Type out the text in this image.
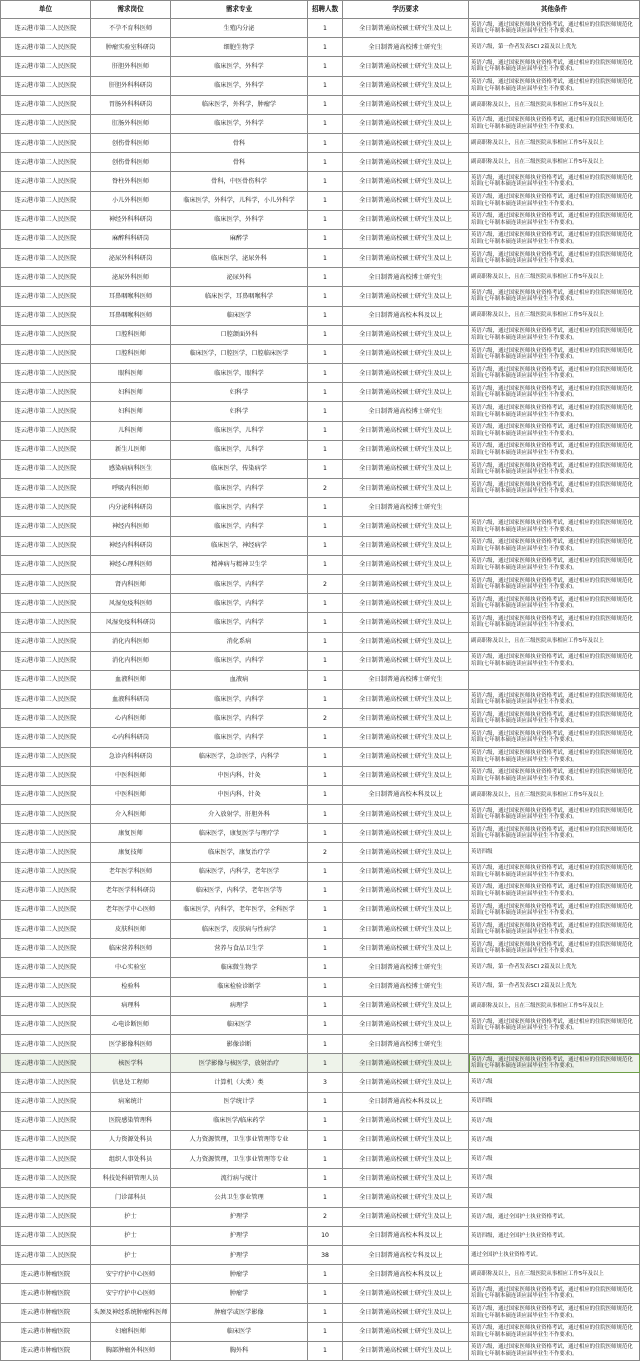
单位	需求岗位	需求专业	招聘人数	学历要求	其他条件
连云港市第二人民医院	不孕不育科医师	生殖内分泌	1	全日制普通高校硕士研究生及以上	英语六级，通过国家医师执业资格考试，通过相应的住院医师规范化培训(七年制本硕连读应届毕业生不作要求)。
连云港市第二人民医院	肿瘤实验室科研岗	细胞生物学	1	全日制普通高校博士研究生	英语六级，第一作者发表SCI 2篇及以上优先
连云港市第二人民医院	肝胆外科医师	临床医学，外科学	1	全日制普通高校硕士研究生及以上	英语六级，通过国家医师执业资格考试，通过相应的住院医师规范化培训(七年制本硕连读应届毕业生不作要求)。
连云港市第二人民医院	肝胆外科科研岗	临床医学，外科学	1	全日制普通高校硕士研究生及以上	英语六级，通过国家医师执业资格考试，通过相应的住院医师规范化培训(七年制本硕连读应届毕业生不作要求)。
连云港市第二人民医院	胃肠外科科研岗	临床医学，外科学，肿瘤学	1	全日制普通高校硕士研究生及以上	副高职称及以上，且在三级医院从事相应工作5年及以上
连云港市第二人民医院	肛肠外科医师	临床医学，外科学	1	全日制普通高校硕士研究生及以上	英语六级，通过国家医师执业资格考试，通过相应的住院医师规范化培训(七年制本硕连读应届毕业生不作要求)。
连云港市第二人民医院	创伤骨科医师	骨科	1	全日制普通高校硕士研究生及以上	副高职称及以上，且在三级医院从事相应工作5年及以上
连云港市第二人民医院	创伤骨科医师	骨科	1	全日制普通高校硕士研究生及以上	副高职称及以上，且在三级医院从事相应工作5年及以上
连云港市第二人民医院	脊柱外科医师	骨科，中医骨伤科学	1	全日制普通高校硕士研究生及以上	英语六级，通过国家医师执业资格考试，通过相应的住院医师规范化培训(七年制本硕连读应届毕业生不作要求)。
连云港市第二人民医院	小儿外科医师	临床医学，外科学，儿科学，小儿外科学	1	全日制普通高校硕士研究生及以上	英语六级，通过国家医师执业资格考试，通过相应的住院医师规范化培训(七年制本硕连读应届毕业生不作要求)。
连云港市第二人民医院	神经外科科研岗	临床医学，外科学	1	全日制普通高校硕士研究生及以上	英语六级，通过国家医师执业资格考试，通过相应的住院医师规范化培训(七年制本硕连读应届毕业生不作要求)。
连云港市第二人民医院	麻醉科科研岗	麻醉学	1	全日制普通高校硕士研究生及以上	英语六级，通过国家医师执业资格考试，通过相应的住院医师规范化培训(七年制本硕连读应届毕业生不作要求)。
连云港市第二人民医院	泌尿外科科研岗	临床医学，泌尿外科	1	全日制普通高校硕士研究生及以上	英语六级，通过国家医师执业资格考试，通过相应的住院医师规范化培训(七年制本硕连读应届毕业生不作要求)。
连云港市第二人民医院	泌尿外科医师	泌尿外科	1	全日制普通高校博士研究生	副高职称及以上，且在三级医院从事相应工作5年及以上
连云港市第二人民医院	耳鼻咽喉科医师	临床医学，耳鼻咽喉科学	1	全日制普通高校硕士研究生及以上	英语六级，通过国家医师执业资格考试，通过相应的住院医师规范化培训(七年制本硕连读应届毕业生不作要求)。
连云港市第二人民医院	耳鼻咽喉科医师	临床医学	1	全日制普通高校本科及以上	副高职称及以上，且在三级医院从事相应工作5年及以上
连云港市第二人民医院	口腔科医师	口腔颌面外科	1	全日制普通高校硕士研究生及以上	英语六级，通过国家医师执业资格考试，通过相应的住院医师规范化培训(七年制本硕连读应届毕业生不作要求)。
连云港市第二人民医院	口腔科医师	临床医学，口腔医学，口腔临床医学	1	全日制普通高校硕士研究生及以上	英语六级，通过国家医师执业资格考试，通过相应的住院医师规范化培训(七年制本硕连读应届毕业生不作要求)。
连云港市第二人民医院	眼科医师	临床医学，眼科学	1	全日制普通高校硕士研究生及以上	英语六级，通过国家医师执业资格考试，通过相应的住院医师规范化培训(七年制本硕连读应届毕业生不作要求)。
连云港市第二人民医院	妇科医师	妇科学	1	全日制普通高校硕士研究生及以上	英语六级，通过国家医师执业资格考试，通过相应的住院医师规范化培训(七年制本硕连读应届毕业生不作要求)。
连云港市第二人民医院	妇科医师	妇科学	1	全日制普通高校博士研究生	英语六级，通过国家医师执业资格考试，通过相应的住院医师规范化培训(七年制本硕连读应届毕业生不作要求)。
连云港市第二人民医院	儿科医师	临床医学，儿科学	1	全日制普通高校硕士研究生及以上	英语六级，通过国家医师执业资格考试，通过相应的住院医师规范化培训(七年制本硕连读应届毕业生不作要求)。
连云港市第二人民医院	新生儿医师	临床医学，儿科学	1	全日制普通高校硕士研究生及以上	英语六级，通过国家医师执业资格考试，通过相应的住院医师规范化培训(七年制本硕连读应届毕业生不作要求)。
连云港市第二人民医院	感染病病科医生	临床医学，传染病学	1	全日制普通高校硕士研究生及以上	英语六级，通过国家医师执业资格考试，通过相应的住院医师规范化培训(七年制本硕连读应届毕业生不作要求)。
连云港市第二人民医院	呼吸内科医师	临床医学，内科学	2	全日制普通高校硕士研究生及以上	英语六级，通过国家医师执业资格考试，通过相应的住院医师规范化培训(七年制本硕连读应届毕业生不作要求)。
连云港市第二人民医院	内分泌科科研岗	临床医学，内科学	1	全日制普通高校博士研究生	
连云港市第二人民医院	神经内科医师	临床医学，内科学	1	全日制普通高校硕士研究生及以上	英语六级，通过国家医师执业资格考试，通过相应的住院医师规范化培训(七年制本硕连读应届毕业生不作要求)。
连云港市第二人民医院	神经内科科研岗	临床医学，神经病学	1	全日制普通高校硕士研究生及以上	英语六级，通过国家医师执业资格考试，通过相应的住院医师规范化培训(七年制本硕连读应届毕业生不作要求)。
连云港市第二人民医院	神经心理科医师	精神病与精神卫生学	1	全日制普通高校硕士研究生及以上	英语六级，通过国家医师执业资格考试，通过相应的住院医师规范化培训(七年制本硕连读应届毕业生不作要求)。
连云港市第二人民医院	肾内科医师	临床医学，内科学	2	全日制普通高校硕士研究生及以上	英语六级，通过国家医师执业资格考试，通过相应的住院医师规范化培训(七年制本硕连读应届毕业生不作要求)。
连云港市第二人民医院	风湿免疫科医师	临床医学，内科学	1	全日制普通高校硕士研究生及以上	英语六级，通过国家医师执业资格考试，通过相应的住院医师规范化培训(七年制本硕连读应届毕业生不作要求)。
连云港市第二人民医院	风湿免疫科科研岗	临床医学，内科学	1	全日制普通高校硕士研究生及以上	英语六级，通过国家医师执业资格考试，通过相应的住院医师规范化培训(七年制本硕连读应届毕业生不作要求)。
连云港市第二人民医院	消化内科医师	消化系病	1	全日制普通高校硕士研究生及以上	副高职称及以上，且在三级医院从事相应工作5年及以上
连云港市第二人民医院	消化内科医师	临床医学，内科学	1	全日制普通高校硕士研究生及以上	英语六级，通过国家医师执业资格考试，通过相应的住院医师规范化培训(七年制本硕连读应届毕业生不作要求)。
连云港市第二人民医院	血液科医师	血液病	1	全日制普通高校博士研究生	
连云港市第二人民医院	血液科科研岗	临床医学，内科学	1	全日制普通高校硕士研究生及以上	英语六级，通过国家医师执业资格考试，通过相应的住院医师规范化培训(七年制本硕连读应届毕业生不作要求)。
连云港市第二人民医院	心内科医师	临床医学，内科学	2	全日制普通高校硕士研究生及以上	英语六级，通过国家医师执业资格考试，通过相应的住院医师规范化培训(七年制本硕连读应届毕业生不作要求)。
连云港市第二人民医院	心内科科研岗	临床医学，内科学	1	全日制普通高校硕士研究生及以上	英语六级，通过国家医师执业资格考试，通过相应的住院医师规范化培训(七年制本硕连读应届毕业生不作要求)。
连云港市第二人民医院	急诊内科科研岗	临床医学，急诊医学，内科学	1	全日制普通高校硕士研究生及以上	英语六级，通过国家医师执业资格考试，通过相应的住院医师规范化培训(七年制本硕连读应届毕业生不作要求)。
连云港市第二人民医院	中医科医师	中医内科，针灸	1	全日制普通高校硕士研究生及以上	英语六级，通过国家医师执业资格考试，通过相应的住院医师规范化培训(七年制本硕连读应届毕业生不作要求)。
连云港市第二人民医院	中医科医师	中医内科，针灸	1	全日制普通高校本科及以上	副高职称及以上，且在三级医院从事相应工作5年及以上
连云港市第二人民医院	介入科医师	介入放射学，肝胆外科	1	全日制普通高校硕士研究生及以上	英语六级，通过国家医师执业资格考试，通过相应的住院医师规范化培训(七年制本硕连读应届毕业生不作要求)。
连云港市第二人民医院	康复医师	临床医学，康复医学与理疗学	1	全日制普通高校硕士研究生及以上	英语六级，通过国家医师执业资格考试，通过相应的住院医师规范化培训(七年制本硕连读应届毕业生不作要求)。
连云港市第二人民医院	康复技师	临床医学，康复治疗学	2	全日制普通高校硕士研究生及以上	英语四级
连云港市第二人民医院	老年医学科医师	临床医学，内科学，老年医学	1	全日制普通高校硕士研究生及以上	英语六级，通过国家医师执业资格考试，通过相应的住院医师规范化培训(七年制本硕连读应届毕业生不作要求)。
连云港市第二人民医院	老年医学科科研岗	临床医学，内科学，老年医学等	1	全日制普通高校硕士研究生及以上	英语六级，通过国家医师执业资格考试，通过相应的住院医师规范化培训(七年制本硕连读应届毕业生不作要求)。
连云港市第二人民医院	老年医学中心医师	临床医学，内科学，老年医学，全科医学	1	全日制普通高校硕士研究生及以上	英语六级，通过国家医师执业资格考试，通过相应的住院医师规范化培训(七年制本硕连读应届毕业生不作要求)。
连云港市第二人民医院	皮肤科医师	临床医学，皮肤病与性病学	1	全日制普通高校硕士研究生及以上	英语六级，通过国家医师执业资格考试，通过相应的住院医师规范化培训(七年制本硕连读应届毕业生不作要求)。
连云港市第二人民医院	临床营养科医师	营养与食品卫生学	1	全日制普通高校硕士研究生及以上	英语六级，通过国家医师执业资格考试，通过相应的住院医师规范化培训(七年制本硕连读应届毕业生不作要求)。
连云港市第二人民医院	中心实验室	临床微生物学	1	全日制普通高校博士研究生	英语六级，第一作者发表SCI 2篇及以上优先
连云港市第二人民医院	检验科	临床检验诊断学	1	全日制普通高校博士研究生	英语六级，第一作者发表SCI 2篇及以上优先
连云港市第二人民医院	病理科	病理学	1	全日制普通高校硕士研究生及以上	副高职称及以上，且在三级医院从事相应工作5年及以上
连云港市第二人民医院	心电诊断医师	临床医学	1	全日制普通高校硕士研究生及以上	英语六级，通过国家医师执业资格考试，通过相应的住院医师规范化培训(七年制本硕连读应届毕业生不作要求)。
连云港市第二人民医院	医学影像科医师	影像诊断	1	全日制普通高校博士研究生	
连云港市第二人民医院	核医学科	医学影像与核医学，放射治疗	1	全日制普通高校硕士研究生及以上	英语六级，通过国家医师执业资格考试，通过相应的住院医师规范化培训(七年制本硕连读应届毕业生不作要求)。
连云港市第二人民医院	信息处工程师	计算机（大类）类	3	全日制普通高校硕士研究生及以上	英语六级
连云港市第二人民医院	病案统计	医学统计学	1	全日制普通高校本科及以上	英语四级
连云港市第二人民医院	医院感染管理科	临床医学/临床药学	1	全日制普通高校硕士研究生及以上	英语六级
连云港市第二人民医院	人力资源处科员	人力资源管理，卫生事业管理等专业	1	全日制普通高校硕士研究生及以上	英语六级
连云港市第二人民医院	组织人事处科员	人力资源管理，卫生事业管理等专业	1	全日制普通高校硕士研究生及以上	英语六级
连云港市第二人民医院	科技处科研管理人员	流行病与统计	1	全日制普通高校硕士研究生及以上	英语六级
连云港市第二人民医院	门诊部科员	公共卫生事业管理	1	全日制普通高校硕士研究生及以上	英语六级
连云港市第二人民医院	护士	护理学	2	全日制普通高校硕士研究生及以上	英语六级，通过全国护士执业资格考试。
连云港市第二人民医院	护士	护理学	10	全日制普通高校本科及以上	英语四级，通过全国护士执业资格考试。
连云港市第二人民医院	护士	护理学	38	全日制普通高校专科及以上	通过全国护士执业资格考试。
连云港市肿瘤医院	安宁疗护中心医师	肿瘤学	1	全日制普通高校本科及以上	副高职称及以上，且在三级医院从事相应工作5年及以上
连云港市肿瘤医院	安宁疗护中心医师	肿瘤学	1	全日制普通高校硕士研究生及以上	英语六级，通过国家医师执业资格考试，通过相应的住院医师规范化培训(七年制本硕连读应届毕业生不作要求)。
连云港市肿瘤医院	头颈及神经系统肿瘤科医师	肿瘤学或医学影像	1	全日制普通高校硕士研究生及以上	英语六级，通过国家医师执业资格考试，通过相应的住院医师规范化培训(七年制本硕连读应届毕业生不作要求)。
连云港市肿瘤医院	妇瘤科医师	临床医学	1	全日制普通高校硕士研究生及以上	英语六级，通过国家医师执业资格考试，通过相应的住院医师规范化培训(七年制本硕连读应届毕业生不作要求)。
连云港市肿瘤医院	胸部肿瘤外科医师	胸外科	1	全日制普通高校硕士研究生及以上	英语六级，通过国家医师执业资格考试，通过相应的住院医师规范化培训(七年制本硕连读应届毕业生不作要求)。
